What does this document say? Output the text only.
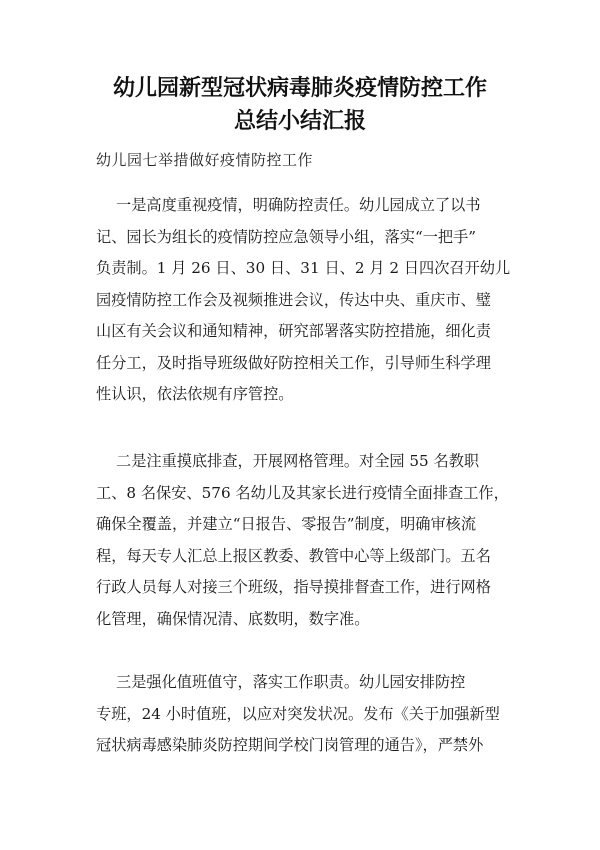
幼儿园新型冠状病毒肺炎疫情防控工作
总结小结汇报
幼儿园七举措做好疫情防控工作
一是高度重视疫情，明确防控责任。幼儿园成立了以书
记、园长为组长的疫情防控应急领导小组，落实“一把手”
负责制。1 月 26 日、30 日、31 日、2 月 2 日四次召开幼儿
园疫情防控工作会及视频推进会议，传达中央、重庆市、璧
山区有关会议和通知精神，研究部署落实防控措施，细化责
任分工，及时指导班级做好防控相关工作，引导师生科学理
性认识，依法依规有序管控。
二是注重摸底排查，开展网格管理。对全园 55 名教职
工、8 名保安、576 名幼儿及其家长进行疫情全面排查工作，
确保全覆盖，并建立“日报告、零报告”制度，明确审核流
程，每天专人汇总上报区教委、教管中心等上级部门。五名
行政人员每人对接三个班级，指导摸排督查工作，进行网格
化管理，确保情况清、底数明，数字准。
三是强化值班值守，落实工作职责。幼儿园安排防控
专班，24 小时值班，以应对突发状况。发布《关于加强新型
冠状病毒感染肺炎防控期间学校门岗管理的通告》，严禁外
